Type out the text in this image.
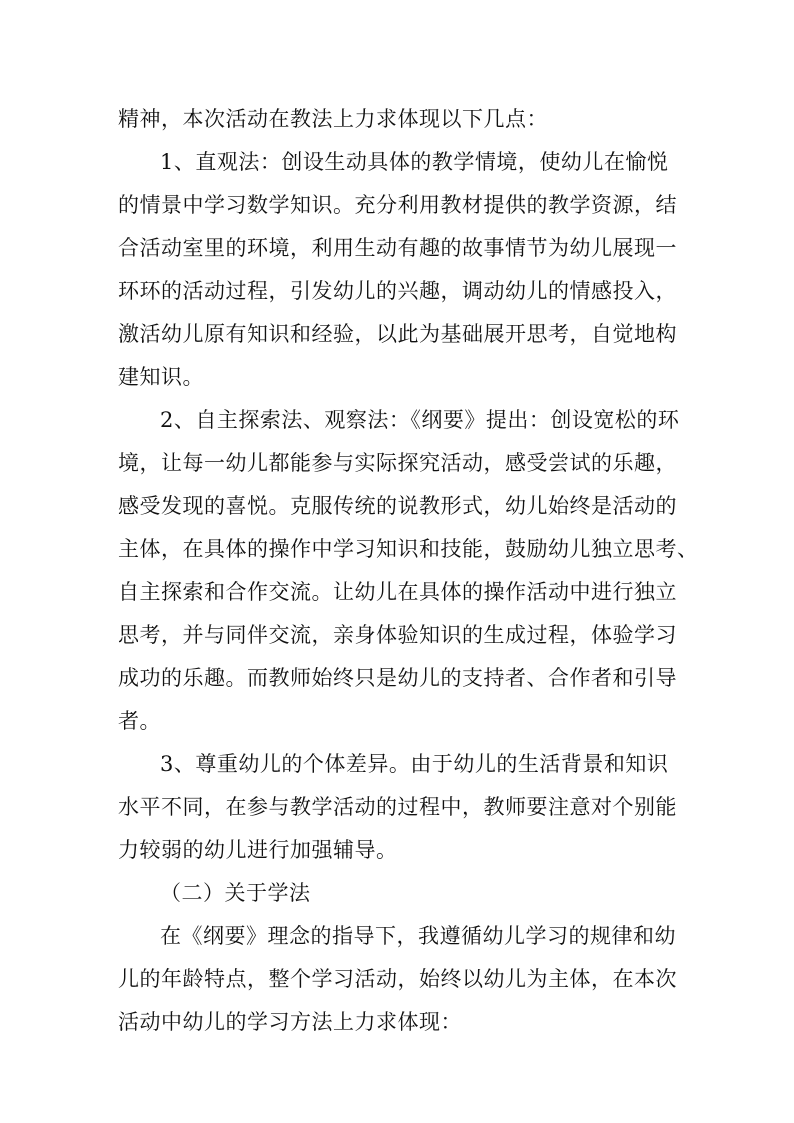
精神，本次活动在教法上力求体现以下几点：
1、直观法：创设生动具体的教学情境，使幼儿在愉悦
的情景中学习数学知识。充分利用教材提供的教学资源，结
合活动室里的环境，利用生动有趣的故事情节为幼儿展现一
环环的活动过程，引发幼儿的兴趣，调动幼儿的情感投入，
激活幼儿原有知识和经验，以此为基础展开思考，自觉地构
建知识。
2、自主探索法、观察法：《纲要》提出：创设宽松的环
境，让每一幼儿都能参与实际探究活动，感受尝试的乐趣，
感受发现的喜悦。克服传统的说教形式，幼儿始终是活动的
主体，在具体的操作中学习知识和技能，鼓励幼儿独立思考、
自主探索和合作交流。让幼儿在具体的操作活动中进行独立
思考，并与同伴交流，亲身体验知识的生成过程，体验学习
成功的乐趣。而教师始终只是幼儿的支持者、合作者和引导
者。
3、尊重幼儿的个体差异。由于幼儿的生活背景和知识
水平不同，在参与教学活动的过程中，教师要注意对个别能
力较弱的幼儿进行加强辅导。
（二）关于学法
在《纲要》理念的指导下，我遵循幼儿学习的规律和幼
儿的年龄特点，整个学习活动，始终以幼儿为主体，在本次
活动中幼儿的学习方法上力求体现：
